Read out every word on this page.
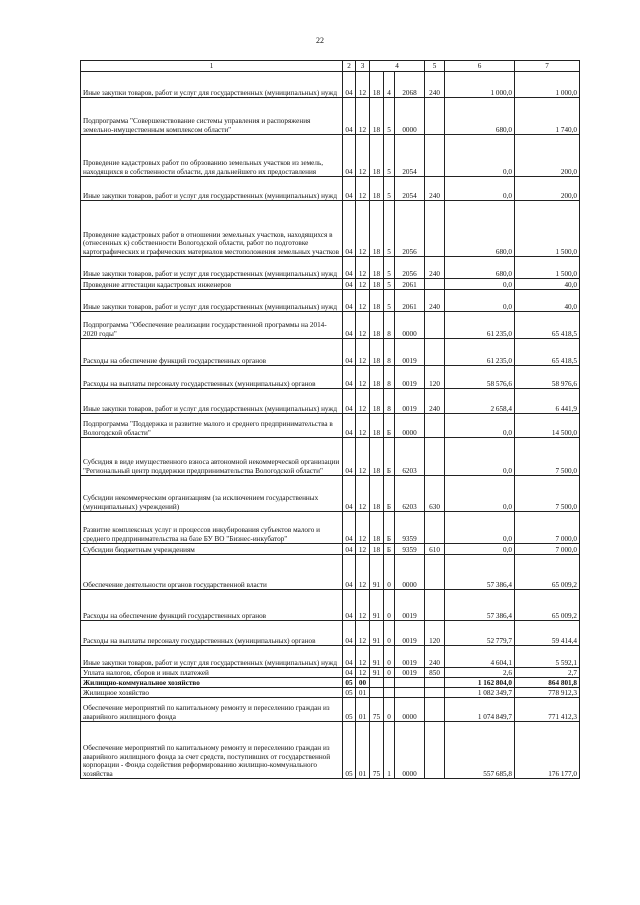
22
1	2	3	4			5	6	7
Иные закупки товаров, работ и услуг для государственных (муниципальных) нужд	04	12	18	4	2068	240	1 000,0	1 000,0
Подпрограмма "Совершенствование системы управления и распоряжения земельно-имущественным комплексом области"	04	12	18	5	0000		680,0	1 740,0
Проведение кадастровых работ по обрзованию земельных участков из земель, находящихся в собственности области, для дальнейшего их предоставления	04	12	18	5	2054		0,0	200,0
Иные закупки товаров, работ и услуг для государственных (муниципальных) нужд	04	12	18	5	2054	240	0,0	200,0
Проведение кадастровых работ в отношении земельных участков, находящихся в (отнесенных к) собственности Вологодской области, работ по подготовке картографических и графических материалов местоположения земельных участков	04	12	18	5	2056		680,0	1 500,0
Иные закупки товаров, работ и услуг для государственных (муниципальных) нужд	04	12	18	5	2056	240	680,0	1 500,0
Проведение аттестации кадастровых инженеров	04	12	18	5	2061		0,0	40,0
Иные закупки товаров, работ и услуг для государственных (муниципальных) нужд	04	12	18	5	2061	240	0,0	40,0
Подпрограмма "Обеспечение реализации государственной программы на 2014-2020 годы"	04	12	18	8	0000		61 235,0	65 418,5
Расходы на обеспечение функций государственных органов	04	12	18	8	0019		61 235,0	65 418,5
Расходы на выплаты персоналу государственных (муниципальных) органов	04	12	18	8	0019	120	58 576,6	58 976,6
Иные закупки товаров, работ и услуг для государственных (муниципальных) нужд	04	12	18	8	0019	240	2 658,4	6 441,9
Подпрограмма "Поддержка и развитие малого и среднего предпринимательства в Вологодской области"	04	12	18	Б	0000		0,0	14 500,0
Субсидия в виде имущественного взноса автономной некоммерческой организации "Региональный центр поддержки предпринимательства Вологодской области"	04	12	18	Б	6203		0,0	7 500,0
Субсидии некоммерческим организациям (за исключением государственных (муниципальных) учреждений)	04	12	18	Б	6203	630	0,0	7 500,0
Развитие комплексных услуг и процессов инкубирования субъектов малого и среднего предпринимательства на базе БУ ВО "Бизнес-инкубатор"	04	12	18	Б	9359		0,0	7 000,0
Субсидии бюджетным учреждениям	04	12	18	Б	9359	610	0,0	7 000,0
Обеспечение деятельности органов государственной власти	04	12	91	0	0000		57 386,4	65 009,2
Расходы на обеспечение функций государственных органов	04	12	91	0	0019		57 386,4	65 009,2
Расходы на выплаты персоналу государственных (муниципальных) органов	04	12	91	0	0019	120	52 779,7	59 414,4
Иные закупки товаров, работ и услуг для государственных (муниципальных) нужд	04	12	91	0	0019	240	4 604,1	5 592,1
Уплата налогов, сборов и иных платежей	04	12	91	0	0019	850	2,6	2,7
Жилищно-коммунальное хозяйство	05	00					1 162 804,0	864 801,8
Жилищное хозяйство	05	01					1 082 349,7	778 912,3
Обеспечение мероприятий по капитальному ремонту и переселению граждан из аварийного жилищного фонда	05	01	75	0	0000		1 074 849,7	771 412,3
Обеспечение мероприятий по капитальному ремонту и переселению граждан из аварийного жилищного фонда за счет средств, поступивших от государственной корпорации - Фонда содействия реформированию жилищно-коммунального хозяйства	05	01	75	1	0000		557 685,8	176 177,0
